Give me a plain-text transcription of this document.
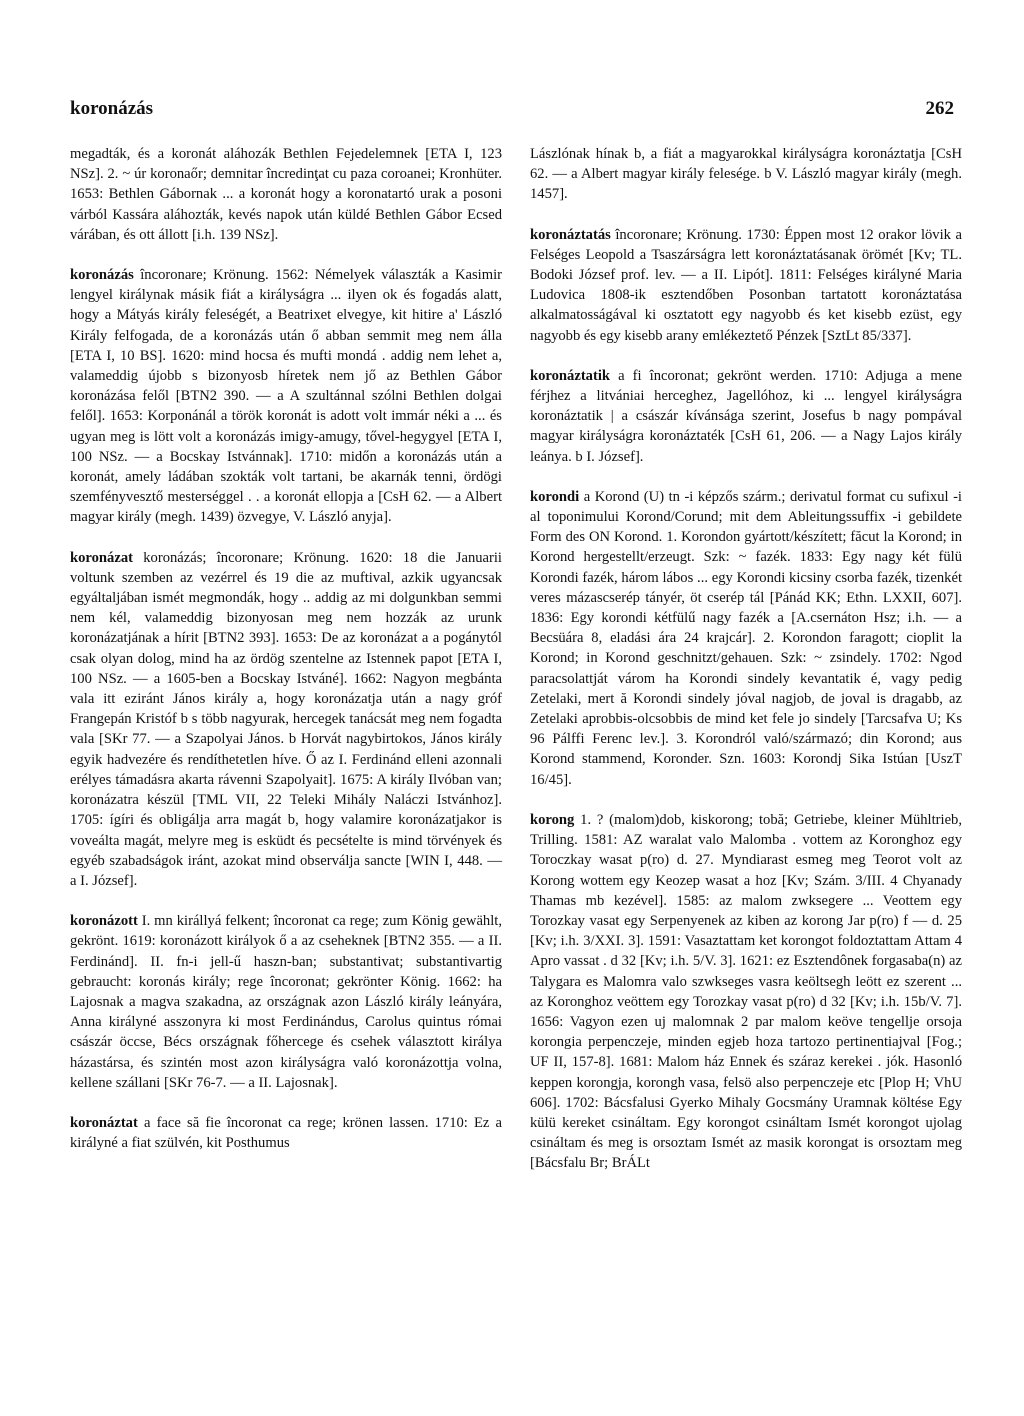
koronázás	262

megadták, és a koronát aláhozák Bethlen Fejedelemnek [ETA I, 123 NSz]. 2. ~ úr koronaőr; demnitar încredinţat cu paza coroanei; Kronhüter. 1653: Bethlen Gábornak ... a koronát hogy a koronatartó urak a posoni várból Kassára aláhozták, kevés napok után küldé Bethlen Gábor Ecsed várában, és ott állott [i.h. 139 NSz].

koronázás încoronare; Krönung. 1562: Némelyek választák a Kasimir lengyel királynak másik fiát a királyságra ... ilyen ok és fogadás alatt, hogy a Mátyás király feleségét, a Beatrixet elvegye, kit hitire a' László Király felfogada, de a koronázás után ő abban semmit meg nem álla [ETA I, 10 BS]. 1620: mind hocsa és mufti mondá . addig nem lehet a, valameddig újobb s bizonyosb híretek nem jő az Bethlen Gábor koronázása felől [BTN2 390. — a A szultánnal szólni Bethlen dolgai felől]. 1653: Korponánál a török koronát is adott volt immár néki a ... és ugyan meg is lött volt a koronázás imigy-amugy, tővel-hegygyel [ETA I, 100 NSz. — a Bocskay Istvánnak]. 1710: midőn a koronázás után a koronát, amely ládában szokták volt tartani, be akarnák tenni, ördögi szemfényvesztő mesterséggel . . a koronát ellopja a [CsH 62. — a Albert magyar király (megh. 1439) özvegye, V. László anyja].

koronázat koronázás; încoronare; Krönung. 1620: 18 die Januarii voltunk szemben az vezérrel és 19 die az muftival, azkik ugyancsak egyáltaljában ismét megmondák, hogy .. addig az mi dolgunkban semmi nem kél, valameddig bizonyosan meg nem hozzák az urunk koronázatjának a hírit [BTN2 393]. 1653: De az koronázat a a pogánytól csak olyan dolog, mind ha az ördög szentelne az Istennek papot [ETA I, 100 NSz. — a 1605-ben a Bocskay Istváné]. 1662: Nagyon megbánta vala itt eziránt János király a, hogy koronázatja után a nagy gróf Frangepán Kristóf b s több nagyurak, hercegek tanácsát meg nem fogadta vala [SKr 77. — a Szapolyai János. b Horvát nagybirtokos, János király egyik hadvezére és rendíthetetlen híve. Ő az I. Ferdinánd elleni azonnali erélyes támadásra akarta rávenni Szapolyait]. 1675: A király Ilvóban van; koronázatra készül [TML VII, 22 Teleki Mihály Naláczi Istvánhoz]. 1705: ígíri és obligálja arra magát b, hogy valamire koronázatjakor is voveálta magát, melyre meg is esküdt és pecsételte is mind törvények és egyéb szabadságok iránt, azokat mind observálja sancte [WIN I, 448. — a I. József].

koronázott I. mn királlyá felkent; încoronat ca rege; zum König gewählt, gekrönt. 1619: koronázott királyok ő a az cseheknek [BTN2 355. — a II. Ferdinánd]. II. fn-i jell-ű haszn-ban; substantivat; substantivartig gebraucht: koronás király; rege încoronat; gekrönter König. 1662: ha Lajosnak a magva szakadna, az országnak azon László király leányára, Anna királyné asszonyra ki most Ferdinándus, Carolus quintus római császár öccse, Bécs országnak főhercege és csehek választott királya házastársa, és szintén most azon királyságra való koronázottja volna, kellene szállani [SKr 76-7. — a II. Lajosnak].

koronáztat a face să fie încoronat ca rege; krönen lassen. 1710: Ez a királyné a fiat szülvén, kit Posthumus

Lászlónak hínak b, a fiát a magyarokkal királyságra koronáztatja [CsH 62. — a Albert magyar király felesége. b V. László magyar király (megh. 1457].

koronáztatás încoronare; Krönung. 1730: Éppen most 12 orakor lövik a Felséges Leopold a Tsaszárságra lett koronáztatásanak örömét [Kv; TL. Bodoki József prof. lev. — a II. Lipót]. 1811: Felséges királyné Maria Ludovica 1808-ik esztendőben Posonban tartatott koronáztatása alkalmatosságával ki osztatott egy nagyobb és ket kisebb ezüst, egy nagyobb és egy kisebb arany emlékeztető Pénzek [SztLt 85/337].

koronáztatik a fi încoronat; gekrönt werden. 1710: Adjuga a mene férjhez a litvániai herceghez, Jagellóhoz, ki ... lengyel királyságra koronáztatik | a császár kívánsága szerint, Josefus b nagy pompával magyar királyságra koronáztaték [CsH 61, 206. — a Nagy Lajos király leánya. b I. József].

korondi a Korond (U) tn -i képzős szárm.; derivatul format cu sufixul -i al toponimului Korond/Corund; mit dem Ableitungssuffix -i gebildete Form des ON Korond. 1. Korondon gyártott/készített; făcut la Korond; in Korond hergestellt/erzeugt. Szk: ~ fazék. 1833: Egy nagy két fülü Korondi fazék, három lábos ... egy Korondi kicsiny csorba fazék, tizenkét veres mázascserép tányér, öt cserép tál [Pánád KK; Ethn. LXXII, 607]. 1836: Egy korondi kétfülű nagy fazék a [A.csernáton Hsz; i.h. — a Becsüára 8, eladási ára 24 krajcár]. 2. Korondon faragott; cioplit la Korond; in Korond geschnitzt/gehauen. Szk: ~ zsindely. 1702: Ngod paracsolattját várom ha Korondi sindely kevantatik é, vagy pedig Zetelaki, mert ă Korondi sindely jóval nagjob, de joval is dragabb, az Zetelaki aprobbis-olcsobbis de mind ket fele jo sindely [Tarcsafva U; Ks 96 Pálffi Ferenc lev.]. 3. Korondról való/származó; din Korond; aus Korond stammend, Koronder. Szn. 1603: Korondj Sika Istúan [UszT 16/45].

korong 1. ? (malom)dob, kiskorong; tobă; Getriebe, kleiner Mühltrieb, Trilling. 1581: AZ waralat valo Malomba . vottem az Koronghoz egy Toroczkay wasat p(ro) d. 27. Myndiarast esmeg meg Teorot volt az Korong wottem egy Keozep wasat a hoz [Kv; Szám. 3/III. 4 Chyanady Thamas mb kezével]. 1585: az malom zwksegere ... Veottem egy Torozkay vasat egy Serpenyenek az kiben az korong Jar p(ro) f — d. 25 [Kv; i.h. 3/XXI. 3]. 1591: Vasaztattam ket korongot foldoztattam Attam 4 Apro vassat . d 32 [Kv; i.h. 5/V. 3]. 1621: ez Esztendônek forgasaba(n) az Talygara es Malomra valo szwkseges vasra keöltsegh leött ez szerent ... az Koronghoz veöttem egy Torozkay vasat p(ro) d 32 [Kv; i.h. 15b/V. 7]. 1656: Vagyon ezen uj malomnak 2 par malom keöve tengellje orsoja korongia perpenczeje, minden egjeb hoza tartozo pertinentiajval [Fog.; UF II, 157-8]. 1681: Malom ház Ennek és száraz kerekei . jók. Hasonló keppen korongja, korongh vasa, felsö also perpenczeje etc [Plop H; VhU 606]. 1702: Bácsfalusi Gyerko Mihaly Gocsmány Uramnak költése Egy külü kereket csináltam. Egy korongot csináltam Ismét korongot ujolag csináltam és meg is orsoztam Ismét az masik korongat is orsoztam meg [Bácsfalu Br; BrÁLt
